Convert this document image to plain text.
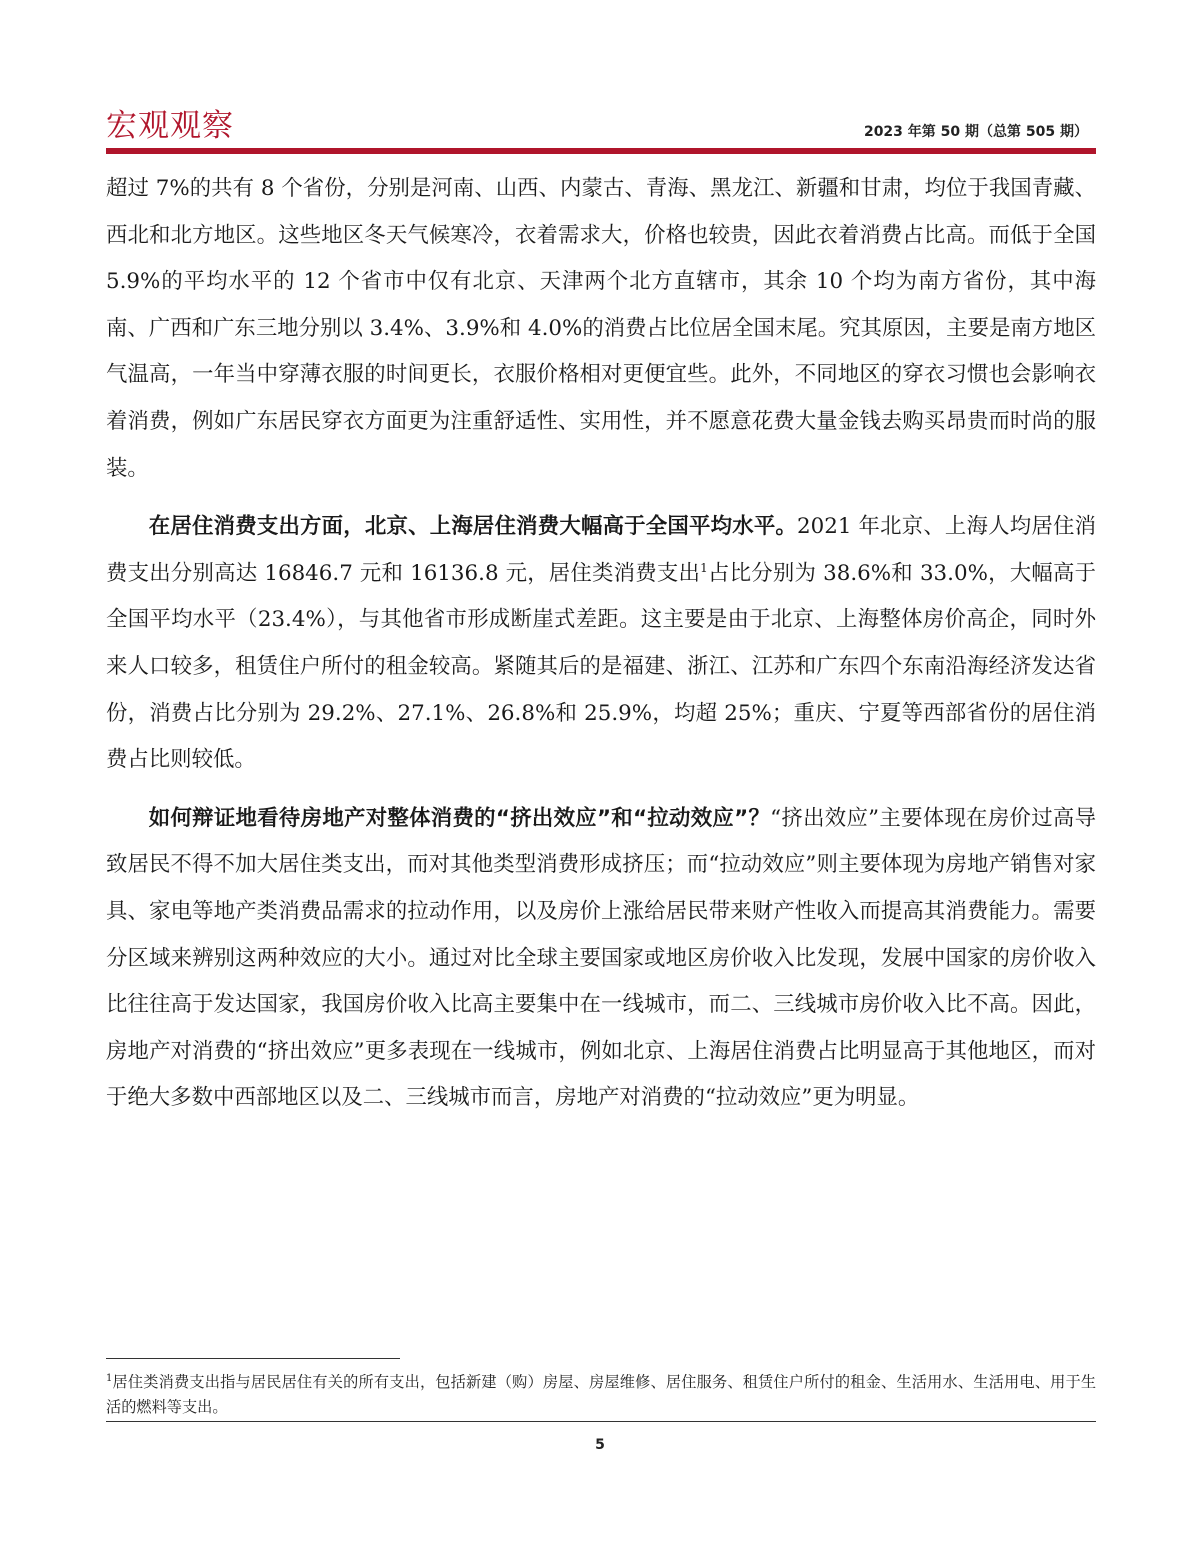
宏观观察	2023 年第 50 期（总第 505 期）

超过 7%的共有 8 个省份，分别是河南、山西、内蒙古、青海、黑龙江、新疆和甘肃，均位于我国青藏、西北和北方地区。这些地区冬天气候寒冷，衣着需求大，价格也较贵，因此衣着消费占比高。而低于全国 5.9%的平均水平的 12 个省市中仅有北京、天津两个北方直辖市，其余 10 个均为南方省份，其中海南、广西和广东三地分别以 3.4%、3.9%和 4.0%的消费占比位居全国末尾。究其原因，主要是南方地区气温高，一年当中穿薄衣服的时间更长，衣服价格相对更便宜些。此外，不同地区的穿衣习惯也会影响衣着消费，例如广东居民穿衣方面更为注重舒适性、实用性，并不愿意花费大量金钱去购买昂贵而时尚的服装。

在居住消费支出方面，北京、上海居住消费大幅高于全国平均水平。2021 年北京、上海人均居住消费支出分别高达 16846.7 元和 16136.8 元，居住类消费支出$^1$占比分别为 38.6%和 33.0%，大幅高于全国平均水平（23.4%），与其他省市形成断崖式差距。这主要是由于北京、上海整体房价高企，同时外来人口较多，租赁住户所付的租金较高。紧随其后的是福建、浙江、江苏和广东四个东南沿海经济发达省份，消费占比分别为 29.2%、27.1%、26.8%和 25.9%，均超 25%；重庆、宁夏等西部省份的居住消费占比则较低。

如何辩证地看待房地产对整体消费的“挤出效应”和“拉动效应”？“挤出效应”主要体现在房价过高导致居民不得不加大居住类支出，而对其他类型消费形成挤压；而“拉动效应”则主要体现为房地产销售对家具、家电等地产类消费品需求的拉动作用，以及房价上涨给居民带来财产性收入而提高其消费能力。需要分区域来辨别这两种效应的大小。通过对比全球主要国家或地区房价收入比发现，发展中国家的房价收入比往往高于发达国家，我国房价收入比高主要集中在一线城市，而二、三线城市房价收入比不高。因此，房地产对消费的“挤出效应”更多表现在一线城市，例如北京、上海居住消费占比明显高于其他地区，而对于绝大多数中西部地区以及二、三线城市而言，房地产对消费的“拉动效应”更为明显。

$^1$居住类消费支出指与居民居住有关的所有支出，包括新建（购）房屋、房屋维修、居住服务、租赁住户所付的租金、生活用水、生活用电、用于生活的燃料等支出。
5
